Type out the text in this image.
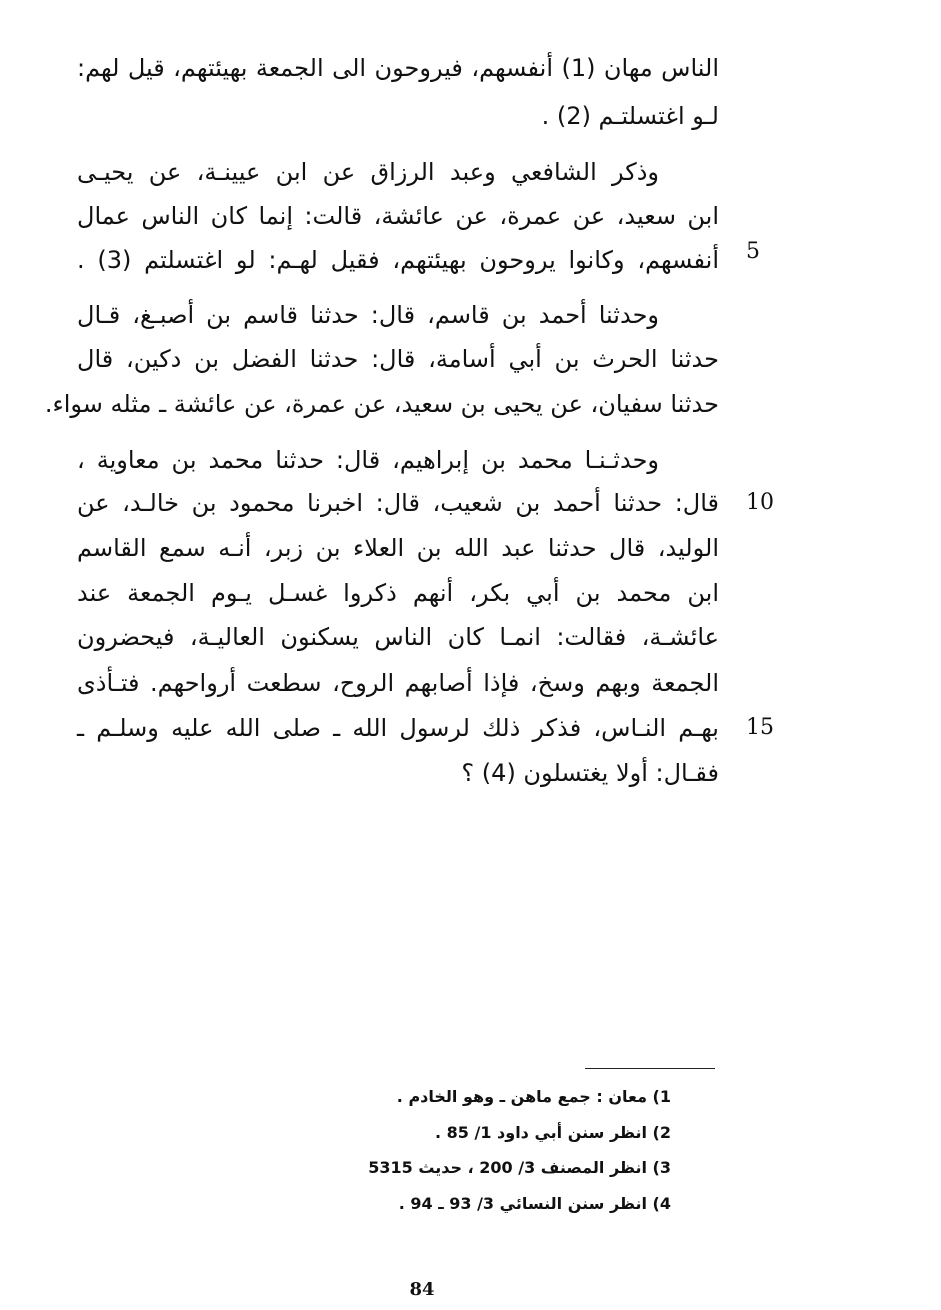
الناس مهان (1) أنفسهم، فيروحون الى الجمعة بهيئتهم، قيل لهم:
لـو اغتسلتـم (2) .
وذكر الشافعي وعبد الرزاق عن ابن عيينـة، عن يحيـى
ابن سعيد، عن عمرة، عن عائشة، قالت: إنما كان الناس عمال
أنفسهم، وكانوا يروحون بهيئتهم، فقيل لهـم: لو اغتسلتم (3) .
وحدثنا أحمد بن قاسم، قال: حدثنا قاسم بن أصبـغ، قـال
حدثنا الحرث بن أبي أسامة، قال: حدثنا الفضل بن دكين، قال
حدثنا سفيان، عن يحيى بن سعيد، عن عمرة، عن عائشة ـ مثله سواء.
وحدثـنـا محمد بن إبراهيم، قال: حدثنا محمد بن معاوية ،
قال: حدثنا أحمد بن شعيب، قال: اخبرنا محمود بن خالـد، عن
الوليد، قال حدثنا عبد الله بن العلاء بن زبر، أنـه سمع القاسم
ابن محمد بن أبي بكر، أنهم ذكروا غسـل يـوم الجمعة عند
عائشـة، فقالت: انمـا كان الناس يسكنون العاليـة، فيحضرون
الجمعة وبهم وسخ، فإذا أصابهم الروح، سطعت أرواحهم. فتـأذى
بهـم النـاس، فذكر ذلك لرسول الله ـ صلى الله عليه وسلـم ـ
فقـال: أولا يغتسلون (4) ؟
5
10
15
1) معان : جمع ماهن ـ وهو الخادم .
2) انظر سنن أبي داود 1/ 85 .
3) انظر المصنف 3/ 200 ، حديث 5315
4) انظر سنن النسائي 3/ 93 ـ 94 .
84
